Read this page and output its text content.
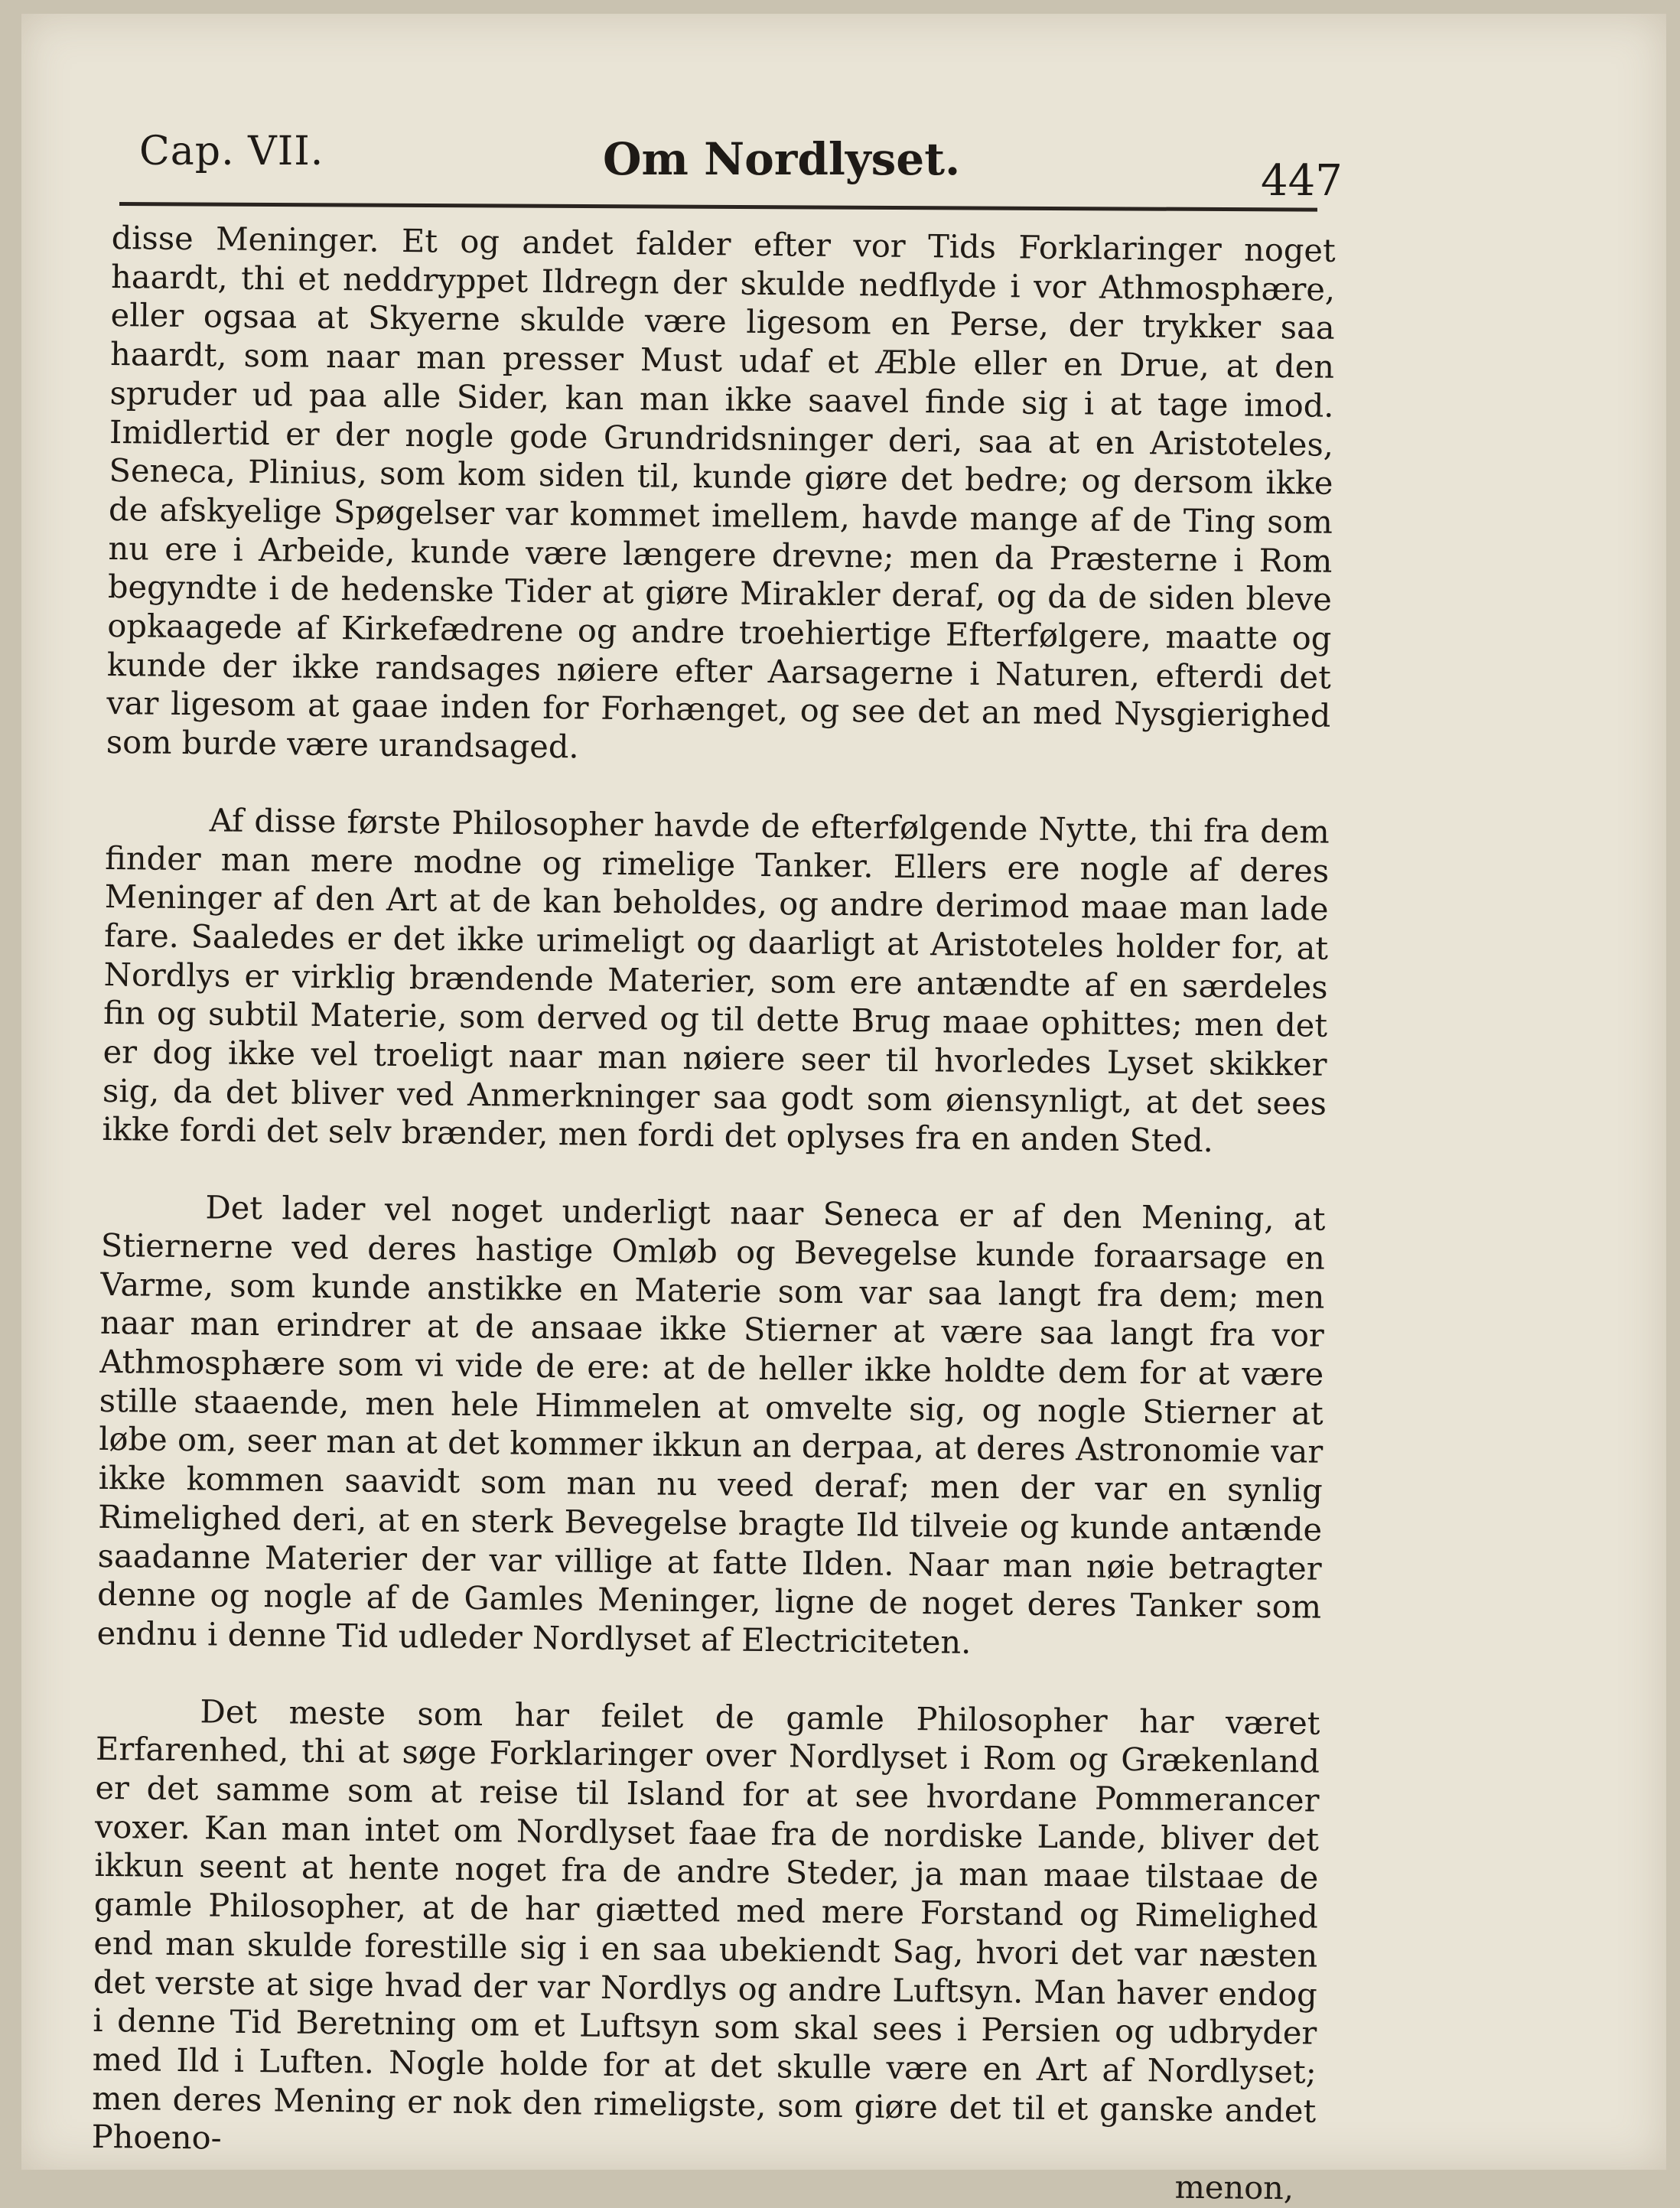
Cap. VII.	Om Nordlyset.	447

disse Meninger. Et og andet falder efter vor Tids Forklaringer noget haardt, thi et neddryppet Ildregn der skulde nedflyde i vor Athmosphære, eller ogsaa at Skyerne skulde være ligesom en Perse, der trykker saa haardt, som naar man presser Must udaf et Æble eller en Drue, at den spruder ud paa alle Sider, kan man ikke saavel finde sig i at tage imod. Imidlertid er der nogle gode Grundridsninger deri, saa at en Aristoteles, Seneca, Plinius, som kom siden til, kunde giøre det bedre; og dersom ikke de afskyelige Spøgelser var kommet imellem, havde mange af de Ting som nu ere i Arbeide, kunde være længere drevne; men da Præsterne i Rom begyndte i de hedenske Tider at giøre Mirakler deraf, og da de siden bleve opkaagede af Kirkefædrene og andre troehiertige Efterfølgere, maatte og kunde der ikke randsages nøiere efter Aarsagerne i Naturen, efterdi det var ligesom at gaae inden for Forhænget, og see det an med Nysgierighed som burde være urandsaged.

Af disse første Philosopher havde de efterfølgende Nytte, thi fra dem finder man mere modne og rimelige Tanker. Ellers ere nogle af deres Meninger af den Art at de kan beholdes, og andre derimod maae man lade fare. Saaledes er det ikke urimeligt og daarligt at Aristoteles holder for, at Nordlys er virklig brændende Materier, som ere antændte af en særdeles fin og subtil Materie, som derved og til dette Brug maae ophittes; men det er dog ikke vel troeligt naar man nøiere seer til hvorledes Lyset skikker sig, da det bliver ved Anmerkninger saa godt som øiensynligt, at det sees ikke fordi det selv brænder, men fordi det oplyses fra en anden Sted.

Det lader vel noget underligt naar Seneca er af den Mening, at Stiernerne ved deres hastige Omløb og Bevegelse kunde foraarsage en Varme, som kunde anstikke en Materie som var saa langt fra dem; men naar man erindrer at de ansaae ikke Stierner at være saa langt fra vor Athmosphære som vi vide de ere: at de heller ikke holdte dem for at være stille staaende, men hele Himmelen at omvelte sig, og nogle Stierner at løbe om, seer man at det kommer ikkun an derpaa, at deres Astronomie var ikke kommen saavidt som man nu veed deraf; men der var en synlig Rimelighed deri, at en sterk Bevegelse bragte Ild tilveie og kunde antænde saadanne Materier der var villige at fatte Ilden. Naar man nøie betragter denne og nogle af de Gamles Meninger, ligne de noget deres Tanker som endnu i denne Tid udleder Nordlyset af Electriciteten.

Det meste som har feilet de gamle Philosopher har været Erfarenhed, thi at søge Forklaringer over Nordlyset i Rom og Grækenland er det samme som at reise til Island for at see hvordane Pommerancer voxer. Kan man intet om Nordlyset faae fra de nordiske Lande, bliver det ikkun seent at hente noget fra de andre Steder, ja man maae tilstaae de gamle Philosopher, at de har giætted med mere Forstand og Rimelighed end man skulde forestille sig i en saa ubekiendt Sag, hvori det var næsten det verste at sige hvad der var Nordlys og andre Luftsyn. Man haver endog i denne Tid Beretning om et Luftsyn som skal sees i Persien og udbryder med Ild i Luften. Nogle holde for at det skulle være en Art af Nordlyset; men deres Mening er nok den rimeligste, som giøre det til et ganske andet Phoeno-

menon,
